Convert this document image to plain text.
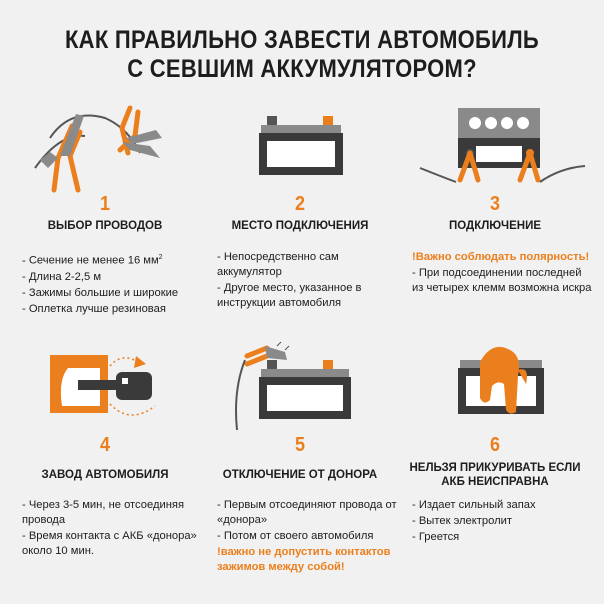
КАК ПРАВИЛЬНО ЗАВЕСТИ АВТОМОБИЛЬ
С СЕВШИМ АККУМУЛЯТОРОМ?
1
ВЫБОР ПРОВОДОВ
- Сечение не менее 16 $мм^2$
- Длина 2-2,5 м
- Зажимы большие и широкие
- Оплетка лучше резиновая
2
МЕСТО ПОДКЛЮЧЕНИЯ
- Непосредственно сам аккумулятор
- Другое место, указанное в инструкции автомобиля
3
ПОДКЛЮЧЕНИЕ
!Важно соблюдать полярность!
- При подсоединении последней из четырех клемм возможна искра
4
ЗАВОД АВТОМОБИЛЯ
- Через 3-5 мин, не отсоединяя провода
- Время контакта с АКБ «донора» около 10 мин.
5
ОТКЛЮЧЕНИЕ ОТ ДОНОРА
- Первым отсоединяют провода от «донора»
- Потом от своего автомобиля
!важно не допустить контактов зажимов между собой!
6
НЕЛЬЗЯ ПРИКУРИВАТЬ ЕСЛИ
АКБ НЕИСПРАВНА
- Издает сильный запах
- Вытек электролит
- Греется
